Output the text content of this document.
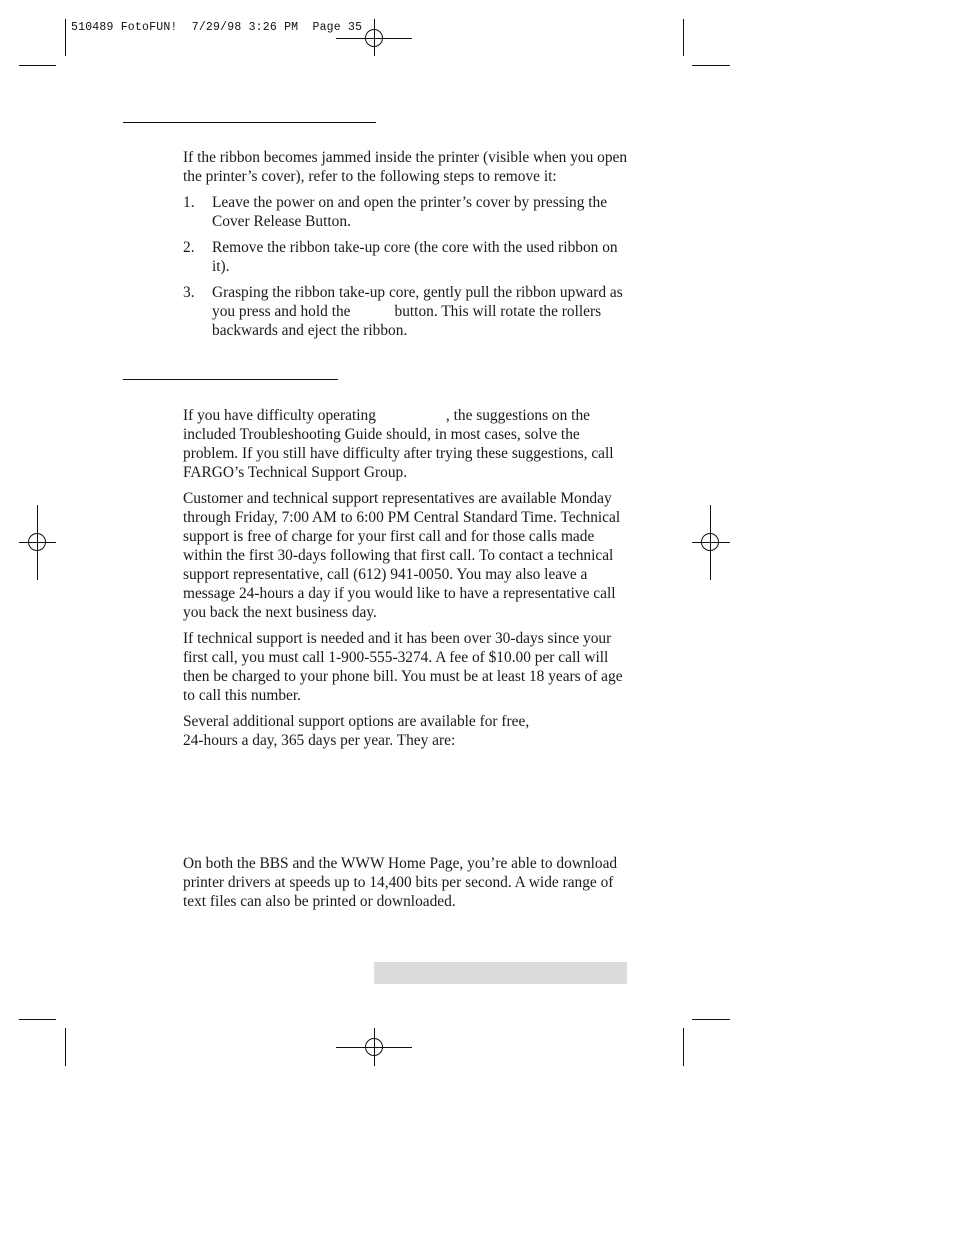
510489 FotoFUN! 7/29/98 3:26 PM Page 35

If the ribbon becomes jammed inside the printer (visible when you open the printer’s cover), refer to the following steps to remove it:

1. Leave the power on and open the printer’s cover by pressing the Cover Release Button.
2. Remove the ribbon take-up core (the core with the used ribbon on it).
3. Grasping the ribbon take-up core, gently pull the ribbon upward as you press and hold the	button. This will rotate the rollers backwards and eject the ribbon.

If you have difficulty operating	, the suggestions on the included Troubleshooting Guide should, in most cases, solve the problem. If you still have difficulty after trying these suggestions, call FARGO’s Technical Support Group.

Customer and technical support representatives are available Monday through Friday, 7:00 AM to 6:00 PM Central Standard Time. Technical support is free of charge for your first call and for those calls made within the first 30-days following that first call. To contact a technical support representative, call (612) 941-0050. You may also leave a message 24-hours a day if you would like to have a representative call you back the next business day.

If technical support is needed and it has been over 30-days since your first call, you must call 1-900-555-3274. A fee of $10.00 per call will then be charged to your phone bill. You must be at least 18 years of age to call this number.

Several additional support options are available for free,
24-hours a day, 365 days per year. They are:

On both the BBS and the WWW Home Page, you’re able to download printer drivers at speeds up to 14,400 bits per second. A wide range of text files can also be printed or downloaded.
